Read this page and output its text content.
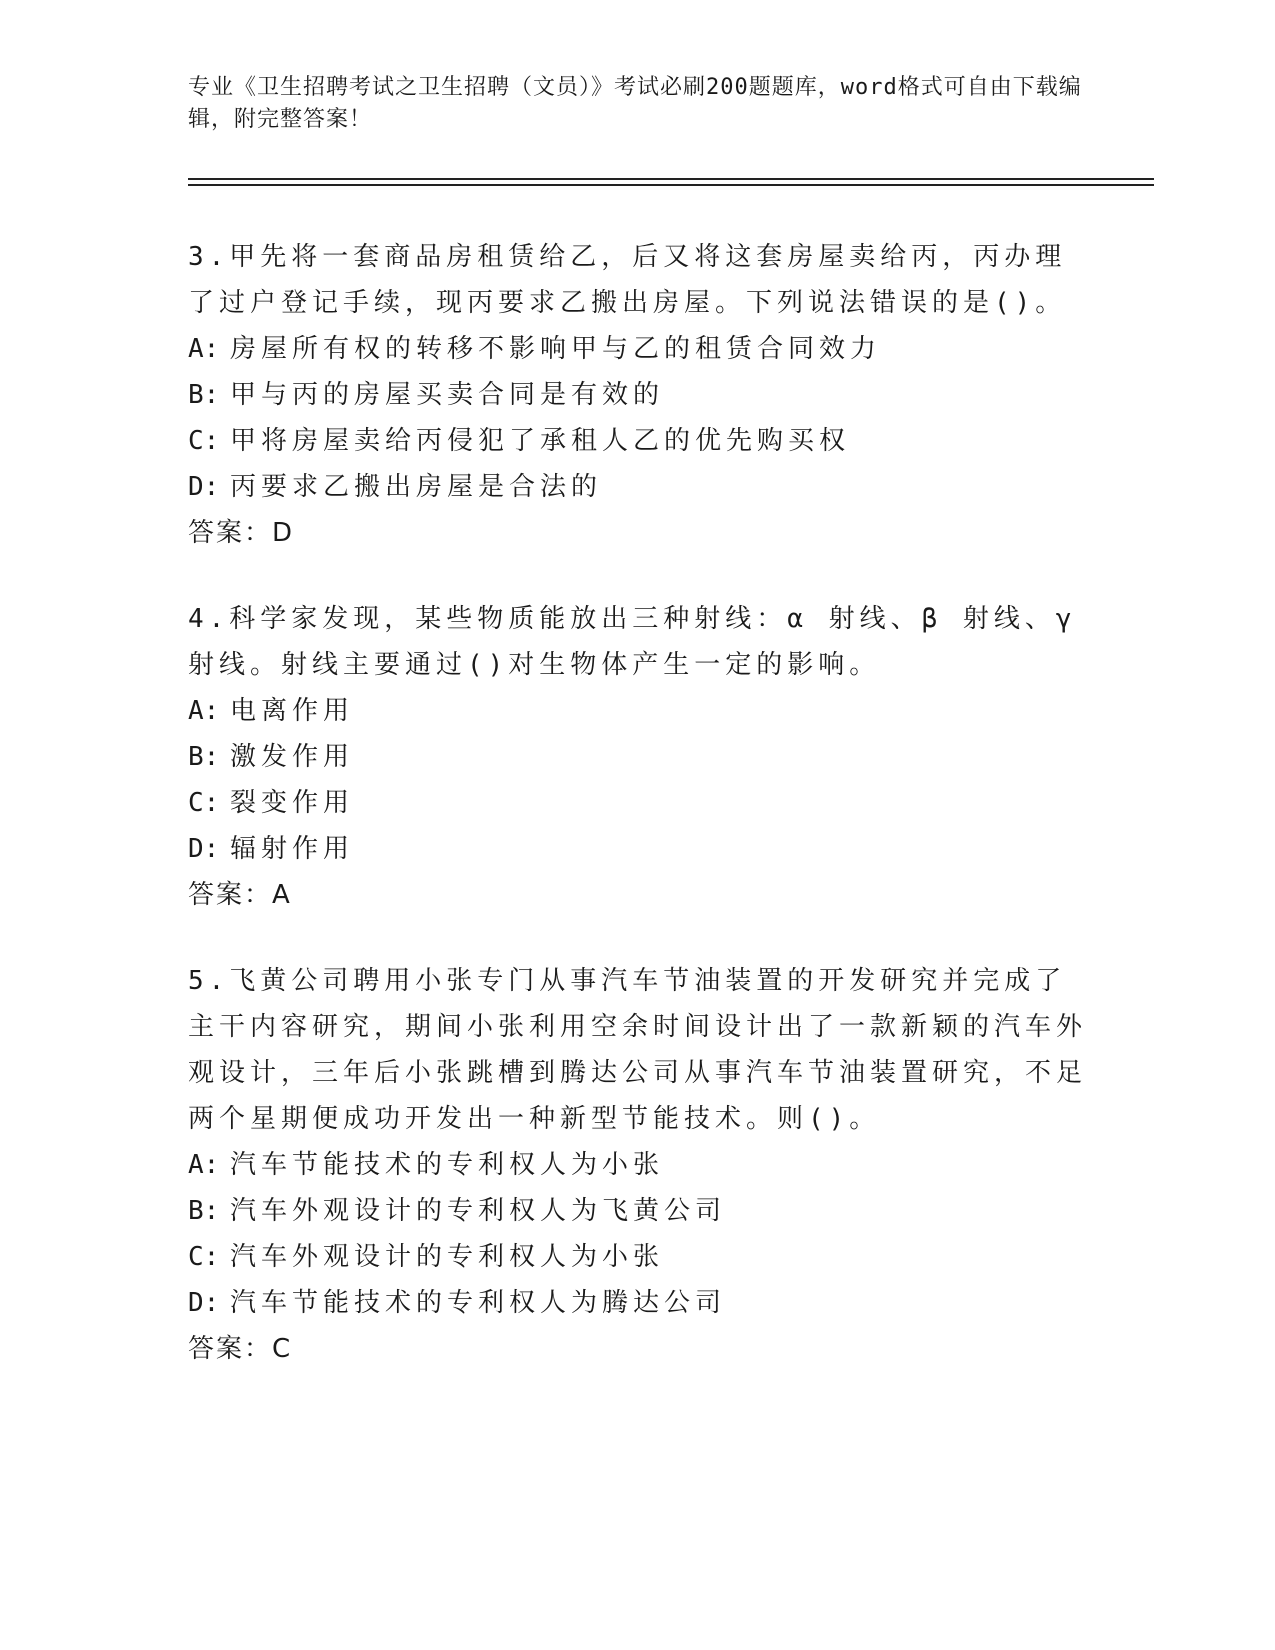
专业《卫生招聘考试之卫生招聘（文员）》考试必刷200题题库，word格式可自由下载编辑，附完整答案！

3.甲先将一套商品房租赁给乙，后又将这套房屋卖给丙，丙办理了过户登记手续，现丙要求乙搬出房屋。下列说法错误的是()。

A: 房屋所有权的转移不影响甲与乙的租赁合同效力

B: 甲与丙的房屋买卖合同是有效的

C: 甲将房屋卖给丙侵犯了承租人乙的优先购买权

D: 丙要求乙搬出房屋是合法的

答案：D

4.科学家发现，某些物质能放出三种射线：α 射线、β 射线、γ 射线。射线主要通过()对生物体产生一定的影响。

A: 电离作用

B: 激发作用

C: 裂变作用

D: 辐射作用

答案：A

5.飞黄公司聘用小张专门从事汽车节油装置的开发研究并完成了主干内容研究，期间小张利用空余时间设计出了一款新颖的汽车外观设计，三年后小张跳槽到腾达公司从事汽车节油装置研究，不足两个星期便成功开发出一种新型节能技术。则()。

A: 汽车节能技术的专利权人为小张

B: 汽车外观设计的专利权人为飞黄公司

C: 汽车外观设计的专利权人为小张

D: 汽车节能技术的专利权人为腾达公司

答案：C
